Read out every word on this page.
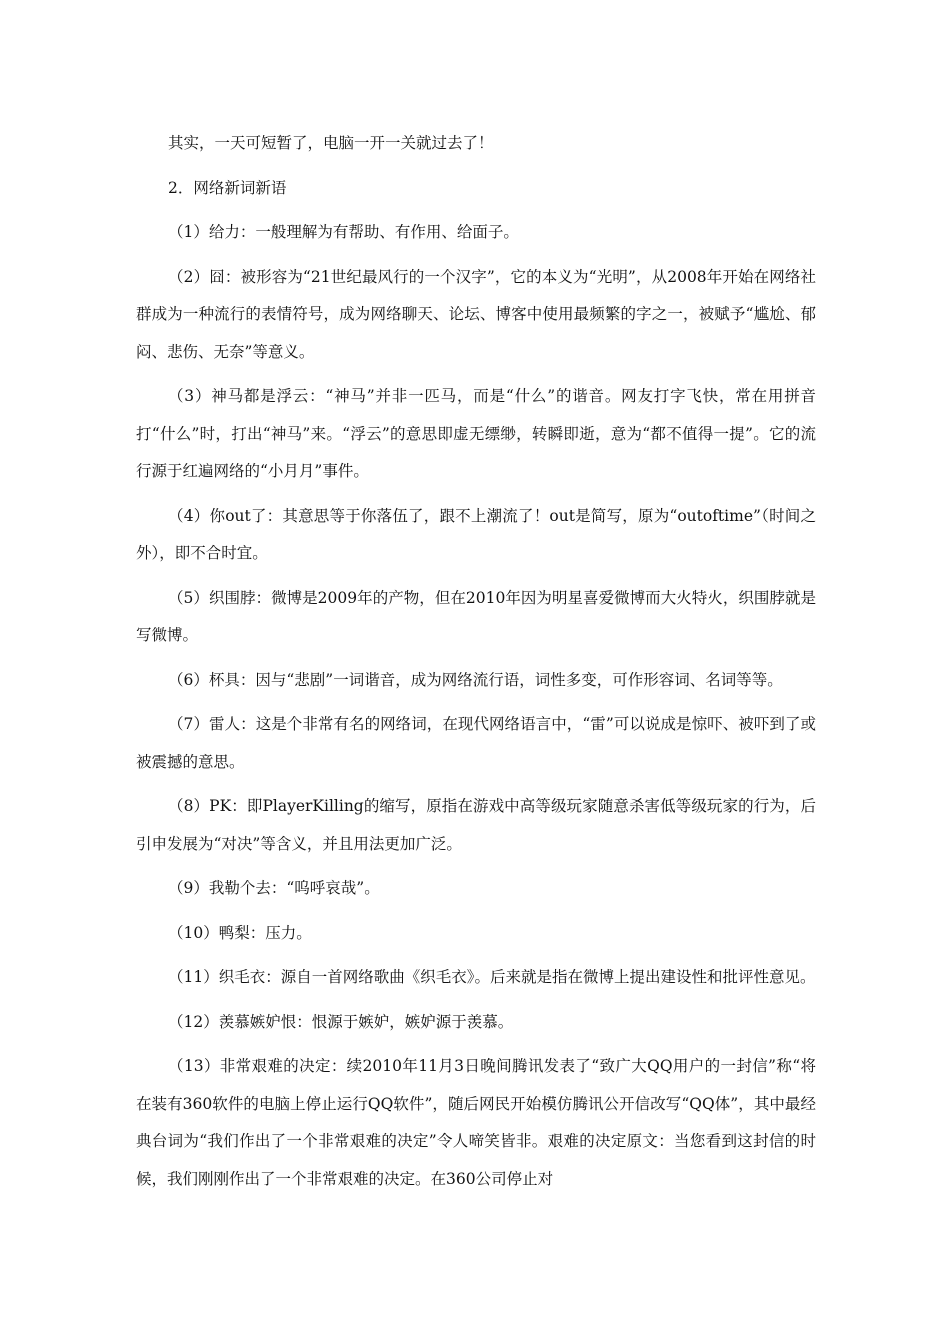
其实，一天可短暂了，电脑一开一关就过去了！

2．网络新词新语

（1）给力：一般理解为有帮助、有作用、给面子。

（2）囧：被形容为“21世纪最风行的一个汉字”，它的本义为“光明”，从2008年开始在网络社群成为一种流行的表情符号，成为网络聊天、论坛、博客中使用最频繁的字之一，被赋予“尴尬、郁闷、悲伤、无奈”等意义。

（3）神马都是浮云：“神马”并非一匹马，而是“什么”的谐音。网友打字飞快，常在用拼音打“什么”时，打出“神马”来。“浮云”的意思即虚无缥缈，转瞬即逝，意为“都不值得一提”。它的流行源于红遍网络的“小月月”事件。

（4）你out了：其意思等于你落伍了，跟不上潮流了！out是简写，原为“outoftime”（时间之外），即不合时宜。

（5）织围脖：微博是2009年的产物，但在2010年因为明星喜爱微博而大火特火，织围脖就是写微博。

（6）杯具：因与“悲剧”一词谐音，成为网络流行语，词性多变，可作形容词、名词等等。

（7）雷人：这是个非常有名的网络词，在现代网络语言中，“雷”可以说成是惊吓、被吓到了或被震撼的意思。

（8）PK：即PlayerKilling的缩写，原指在游戏中高等级玩家随意杀害低等级玩家的行为，后引申发展为“对决”等含义，并且用法更加广泛。

（9）我勒个去：“呜呼哀哉”。

（10）鸭梨：压力。

（11）织毛衣：源自一首网络歌曲《织毛衣》。后来就是指在微博上提出建设性和批评性意见。

（12）羡慕嫉妒恨：恨源于嫉妒，嫉妒源于羡慕。

（13）非常艰难的决定：续2010年11月3日晚间腾讯发表了“致广大QQ用户的一封信”称“将在装有360软件的电脑上停止运行QQ软件”，随后网民开始模仿腾讯公开信改写“QQ体”，其中最经典台词为“我们作出了一个非常艰难的决定”令人啼笑皆非。艰难的决定原文：当您看到这封信的时候，我们刚刚作出了一个非常艰难的决定。在360公司停止对
